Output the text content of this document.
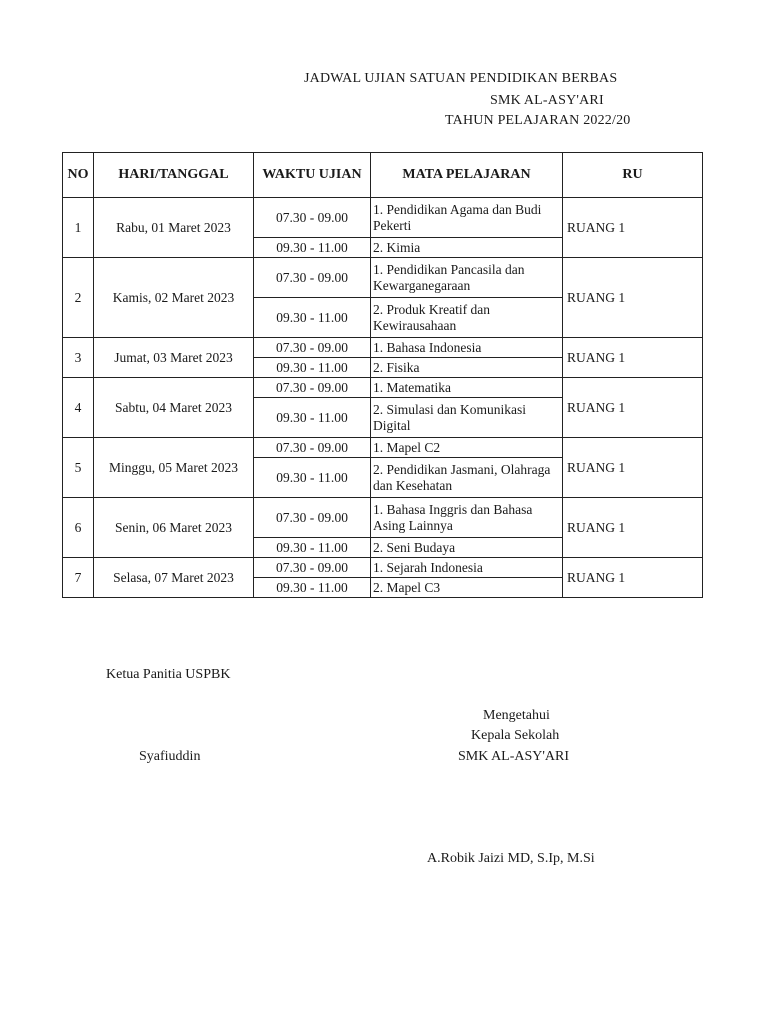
JADWAL UJIAN SATUAN PENDIDIKAN BERBAS
SMK AL-ASY'ARI
TAHUN PELAJARAN 2022/20
NO	HARI/TANGGAL	WAKTU UJIAN	MATA PELAJARAN	RU
1	Rabu, 01 Maret 2023	07.30 - 09.00	1. Pendidikan Agama dan Budi Pekerti	RUANG 1
		09.30 - 11.00	2. Kimia	
2	Kamis, 02 Maret 2023	07.30 - 09.00	1. Pendidikan Pancasila dan Kewarganegaraan	RUANG 1
		09.30 - 11.00	2. Produk Kreatif dan Kewirausahaan	
3	Jumat, 03 Maret 2023	07.30 - 09.00	1. Bahasa Indonesia	RUANG 1
		09.30 - 11.00	2. Fisika	
4	Sabtu, 04 Maret 2023	07.30 - 09.00	1. Matematika	RUANG 1
		09.30 - 11.00	2. Simulasi dan Komunikasi Digital	
5	Minggu, 05 Maret 2023	07.30 - 09.00	1. Mapel C2	RUANG 1
		09.30 - 11.00	2. Pendidikan Jasmani, Olahraga dan Kesehatan	
6	Senin, 06 Maret 2023	07.30 - 09.00	1. Bahasa Inggris dan Bahasa Asing Lainnya	RUANG 1
		09.30 - 11.00	2. Seni Budaya	
7	Selasa, 07 Maret 2023	07.30 - 09.00	1. Sejarah Indonesia	RUANG 1
		09.30 - 11.00	2. Mapel C3	
Ketua Panitia USPBK
Syafiuddin
Mengetahui
Kepala Sekolah
SMK AL-ASY'ARI
A.Robik Jaizi MD, S.Ip, M.Si
